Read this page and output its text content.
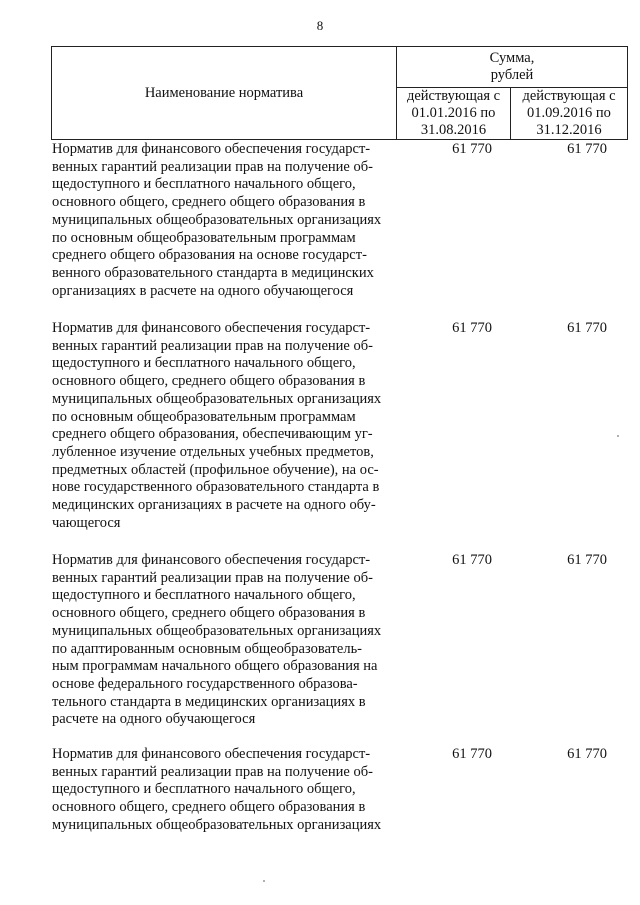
8
Наименование норматива	Сумма,
рублей	
	действующая с
01.01.2016 по
31.08.2016	действующая с
01.09.2016 по
31.12.2016
Норматив для финансового обеспечения государст-
венных гарантий реализации прав на получение об-
щедоступного и бесплатного начального общего,
основного общего, среднего общего образования в
муниципальных общеобразовательных организациях
по основным общеобразовательным программам
среднего общего образования на основе государст-
венного образовательного стандарта в медицинских
организациях в расчете на одного обучающегося
61 770	61 770
Норматив для финансового обеспечения государст-
венных гарантий реализации прав на получение об-
щедоступного и бесплатного начального общего,
основного общего, среднего общего образования в
муниципальных общеобразовательных организациях
по основным общеобразовательным программам
среднего общего образования, обеспечивающим уг-
лубленное изучение отдельных учебных предметов,
предметных областей (профильное обучение), на ос-
нове государственного образовательного стандарта в
медицинских организациях в расчете на одного обу-
чающегося
61 770	61 770
Норматив для финансового обеспечения государст-
венных гарантий реализации прав на получение об-
щедоступного и бесплатного начального общего,
основного общего, среднего общего образования в
муниципальных общеобразовательных организациях
по адаптированным основным общеобразователь-
ным программам начального общего образования на
основе федерального государственного образова-
тельного стандарта в медицинских организациях в
расчете на одного обучающегося
61 770	61 770
Норматив для финансового обеспечения государст-
венных гарантий реализации прав на получение об-
щедоступного и бесплатного начального общего,
основного общего, среднего общего образования в
муниципальных общеобразовательных организациях
61 770	61 770
